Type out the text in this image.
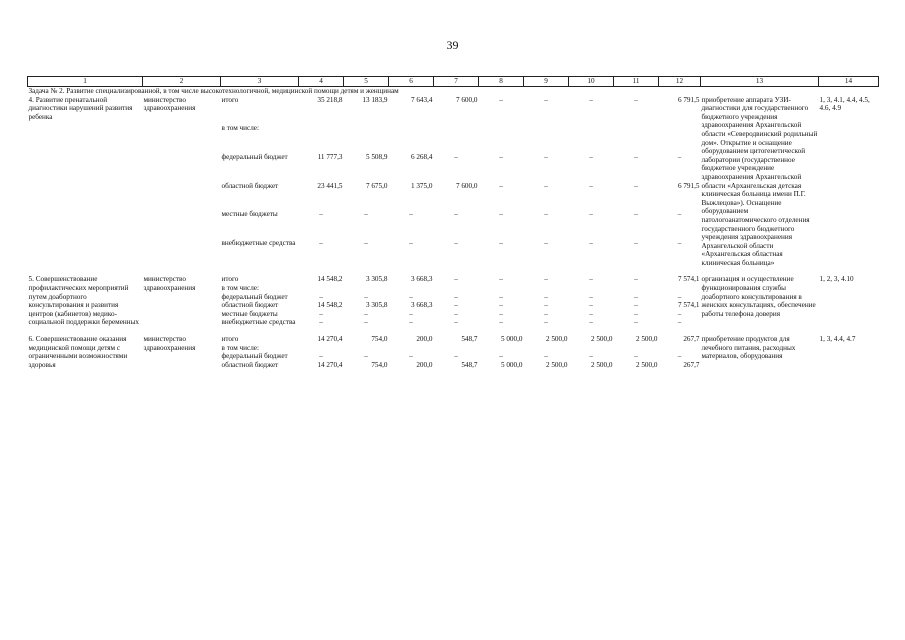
39
1	2	3	4	5	6	7	8	9	10	11	12	13	14
Задача № 2. Развитие специализированной, в том числе высокотехнологичной, медицинской помощи детям и женщинам													
4. Развитие пренатальной диагностики нарушений развития ребенка	министерство здравоохранения	итого	35 218,8	13 183,9	7 643,4	7 600,0	–	–	–	–	6 791,5	приобретение аппарата УЗИ-диагностики для государственного бюджетного учреждения здравоохранения Архангельской области «Северодвинский родильный дом». Открытие и оснащение оборудованием цитогенетической лаборатории (государственное бюджетное учреждение здравоохранения Архангельской области «Архангельская детская клиническая больница имени П.Г. Выжлецова»). Оснащение оборудованием патологоанатомического отделения государственного бюджетного учреждения здравоохранения Архангельской области «Архангельская областная клиническая больница»	1, 3, 4.1, 4.4, 4.5, 4.6, 4.9
		в том числе:											
		федеральный бюджет	11 777,3	5 508,9	6 268,4	–	–	–	–	–	–		
		областной бюджет	23 441,5	7 675,0	1 375,0	7 600,0	–	–	–	–	6 791,5		
		местные бюджеты	–	–	–	–	–	–	–	–	–		
		внебюджетные средства	–	–	–	–	–	–	–	–	–		

5. Совершенствование профилактических мероприятий путем доабортного консультирования и развития центров (кабинетов) медико-социальной поддержки беременных	министерство здравоохранения	итого	14 548,2	3 305,8	3 668,3	–	–	–	–	–	7 574,1	организация и осуществление функционирования службы доабортного консультирования в женских консультациях, обеспечение работы телефона доверия	1, 2, 3, 4.10
		в том числе:											
		федеральный бюджет	–	–	–	–	–	–	–	–	–		
		областной бюджет	14 548,2	3 305,8	3 668,3	–	–	–	–	–	7 574,1		
		местные бюджеты	–	–	–	–	–	–	–	–	–		
		внебюджетные средства	–	–	–	–	–	–	–	–	–		

6. Совершенствование оказания медицинской помощи детям с ограниченными возможностями здоровья	министерство здравоохранения	итого	14 270,4	754,0	200,0	548,7	5 000,0	2 500,0	2 500,0	2 500,0	267,7	приобретение продуктов для лечебного питания, расходных материалов, оборудования	1, 3, 4.4, 4.7
		в том числе:											
		федеральный бюджет	–	–	–	–	–	–	–	–	–		
		областной бюджет	14 270,4	754,0	200,0	548,7	5 000,0	2 500,0	2 500,0	2 500,0	267,7		
